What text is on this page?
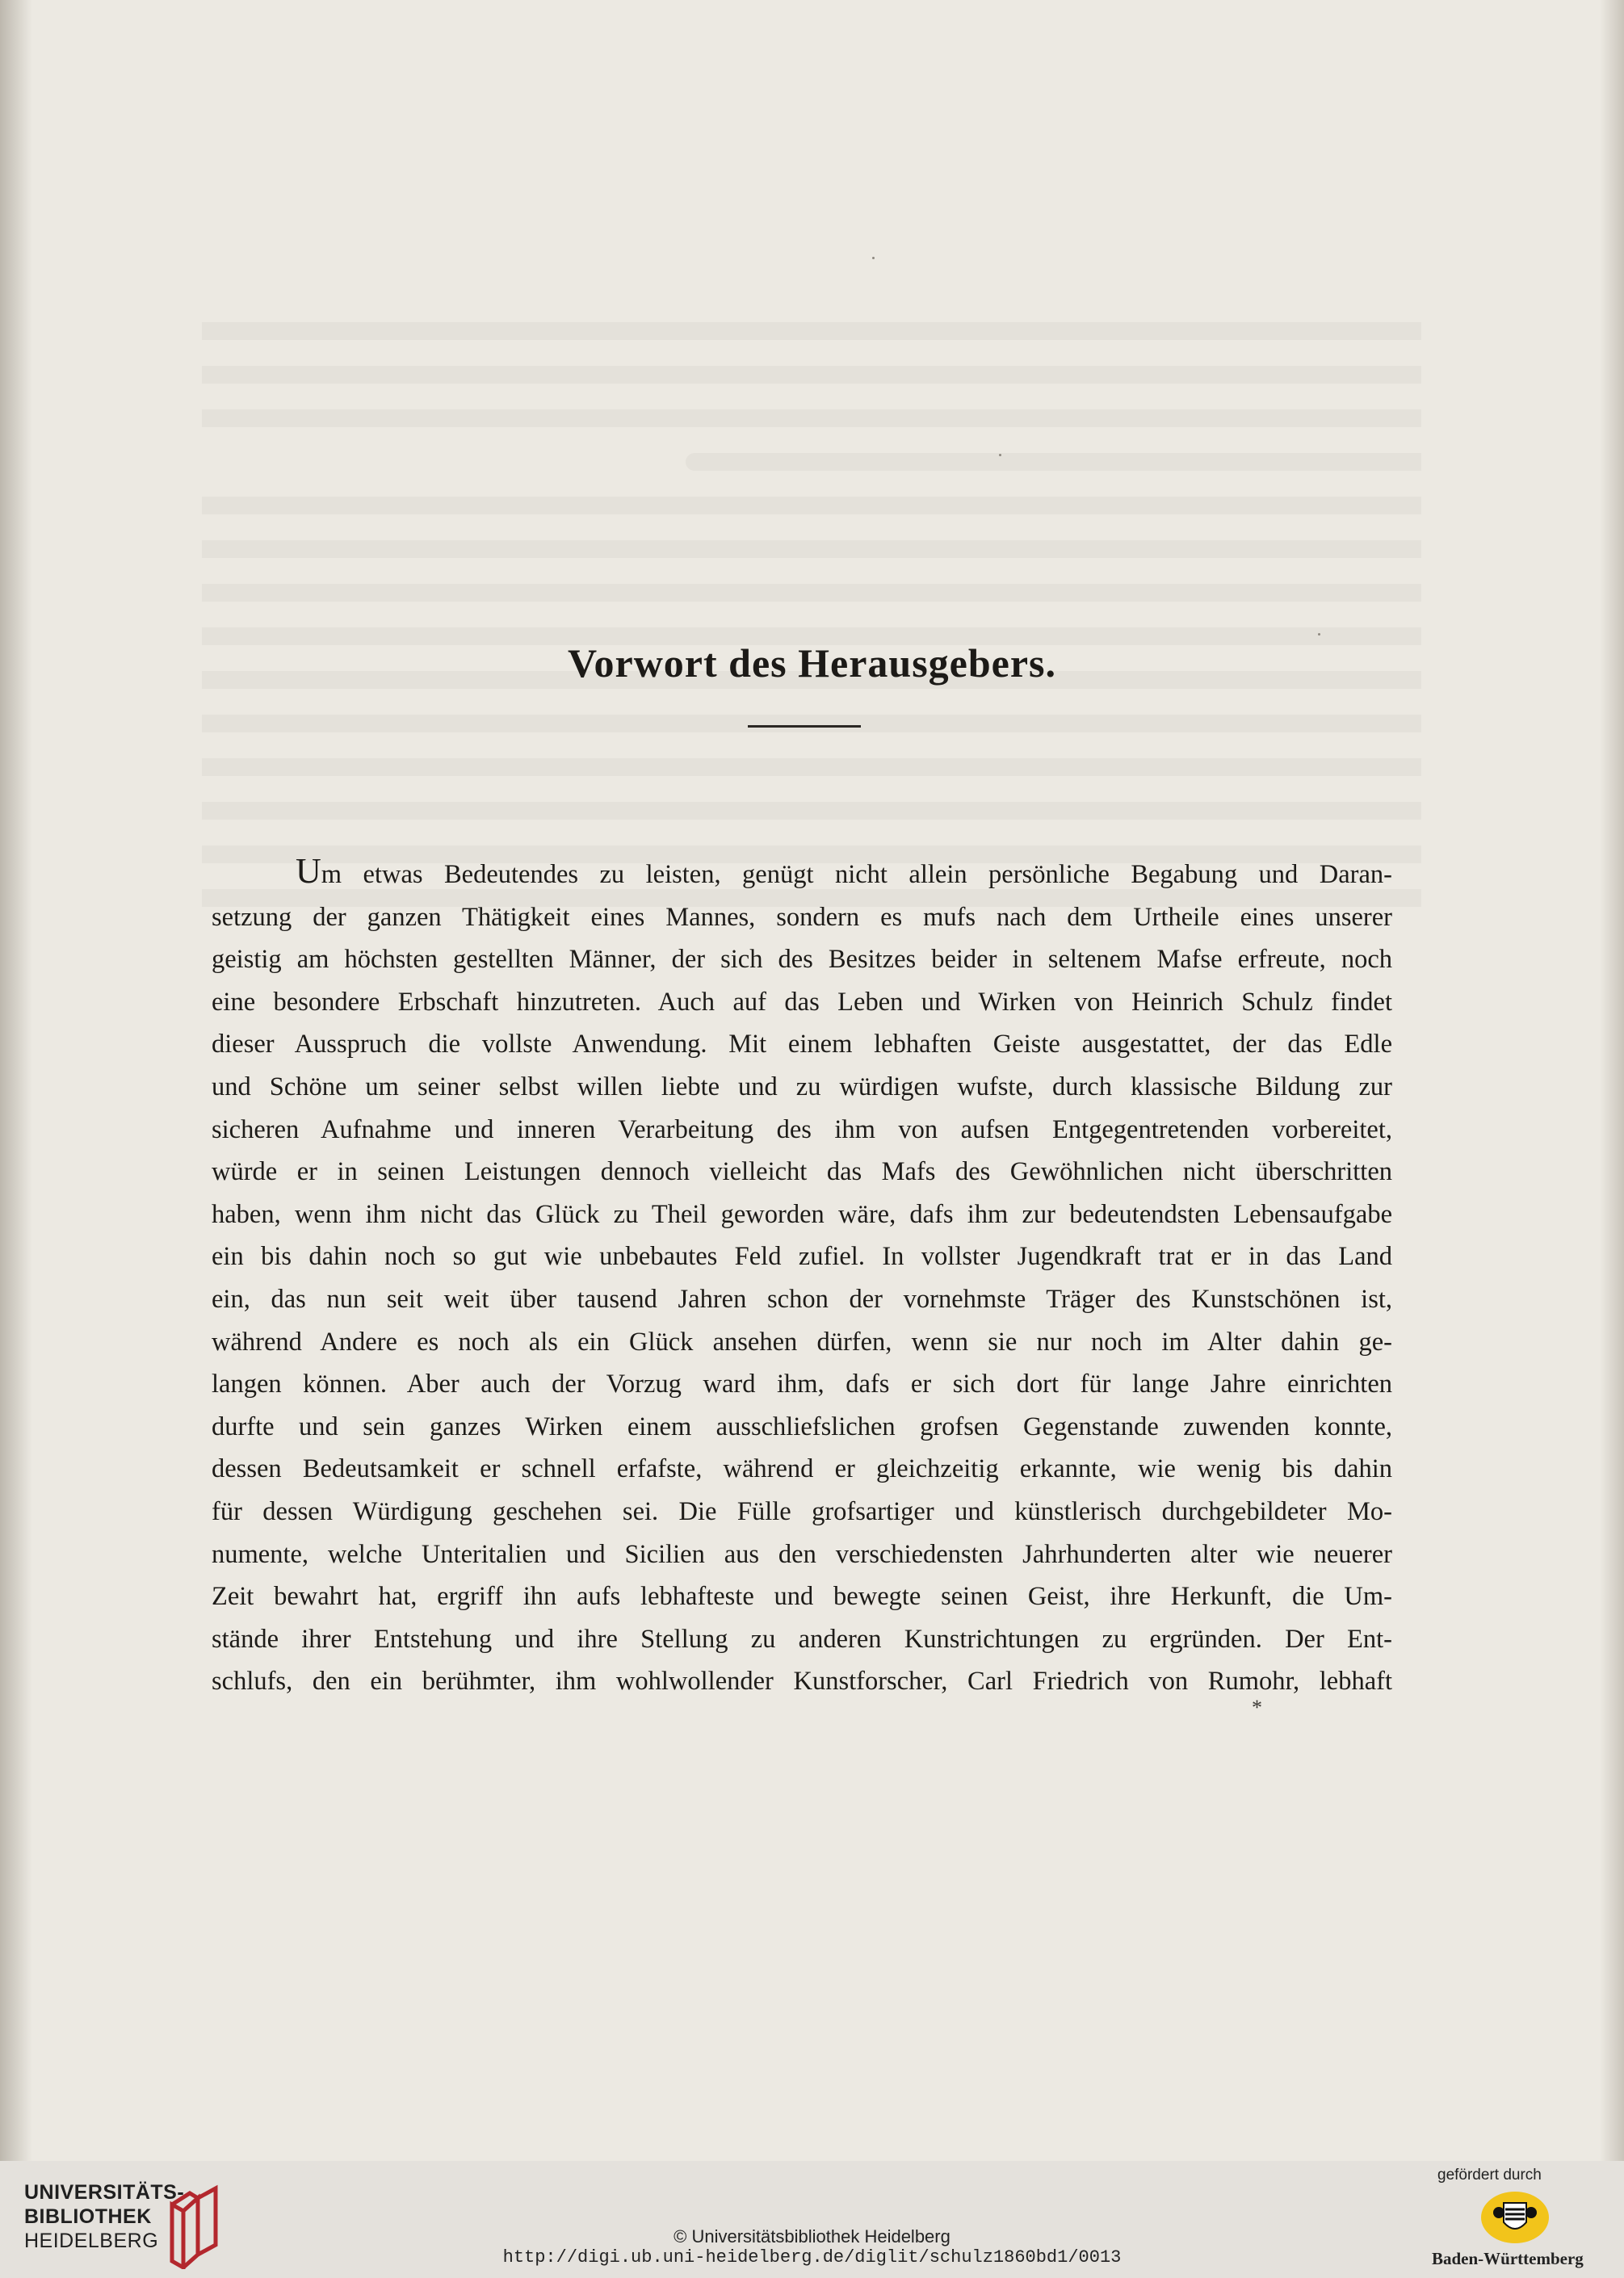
Vorwort des Herausgebers.
Um etwas Bedeutendes zu leisten, genügt nicht allein persönliche Begabung und Daran-
setzung der ganzen Thätigkeit eines Mannes, sondern es mufs nach dem Urtheile eines unserer
geistig am höchsten gestellten Männer, der sich des Besitzes beider in seltenem Mafse erfreute, noch
eine besondere Erbschaft hinzutreten. Auch auf das Leben und Wirken von Heinrich Schulz findet
dieser Ausspruch die vollste Anwendung. Mit einem lebhaften Geiste ausgestattet, der das Edle
und Schöne um seiner selbst willen liebte und zu würdigen wufste, durch klassische Bildung zur
sicheren Aufnahme und inneren Verarbeitung des ihm von aufsen Entgegentretenden vorbereitet,
würde er in seinen Leistungen dennoch vielleicht das Mafs des Gewöhnlichen nicht überschritten
haben, wenn ihm nicht das Glück zu Theil geworden wäre, dafs ihm zur bedeutendsten Lebensaufgabe
ein bis dahin noch so gut wie unbebautes Feld zufiel. In vollster Jugendkraft trat er in das Land
ein, das nun seit weit über tausend Jahren schon der vornehmste Träger des Kunstschönen ist,
während Andere es noch als ein Glück ansehen dürfen, wenn sie nur noch im Alter dahin ge-
langen können. Aber auch der Vorzug ward ihm, dafs er sich dort für lange Jahre einrichten
durfte und sein ganzes Wirken einem ausschliefslichen grofsen Gegenstande zuwenden konnte,
dessen Bedeutsamkeit er schnell erfafste, während er gleichzeitig erkannte, wie wenig bis dahin
für dessen Würdigung geschehen sei. Die Fülle grofsartiger und künstlerisch durchgebildeter Mo-
numente, welche Unteritalien und Sicilien aus den verschiedensten Jahrhunderten alter wie neuerer
Zeit bewahrt hat, ergriff ihn aufs lebhafteste und bewegte seinen Geist, ihre Herkunft, die Um-
stände ihrer Entstehung und ihre Stellung zu anderen Kunstrichtungen zu ergründen. Der Ent-
schlufs, den ein berühmter, ihm wohlwollender Kunstforscher, Carl Friedrich von Rumohr, lebhaft
*
UNIVERSITÄTS-
BIBLIOTHEK
HEIDELBERG	© Universitätsbibliothek Heidelberg
http://digi.ub.uni-heidelberg.de/diglit/schulz1860bd1/0013
gefördert durch
Baden-Württemberg
